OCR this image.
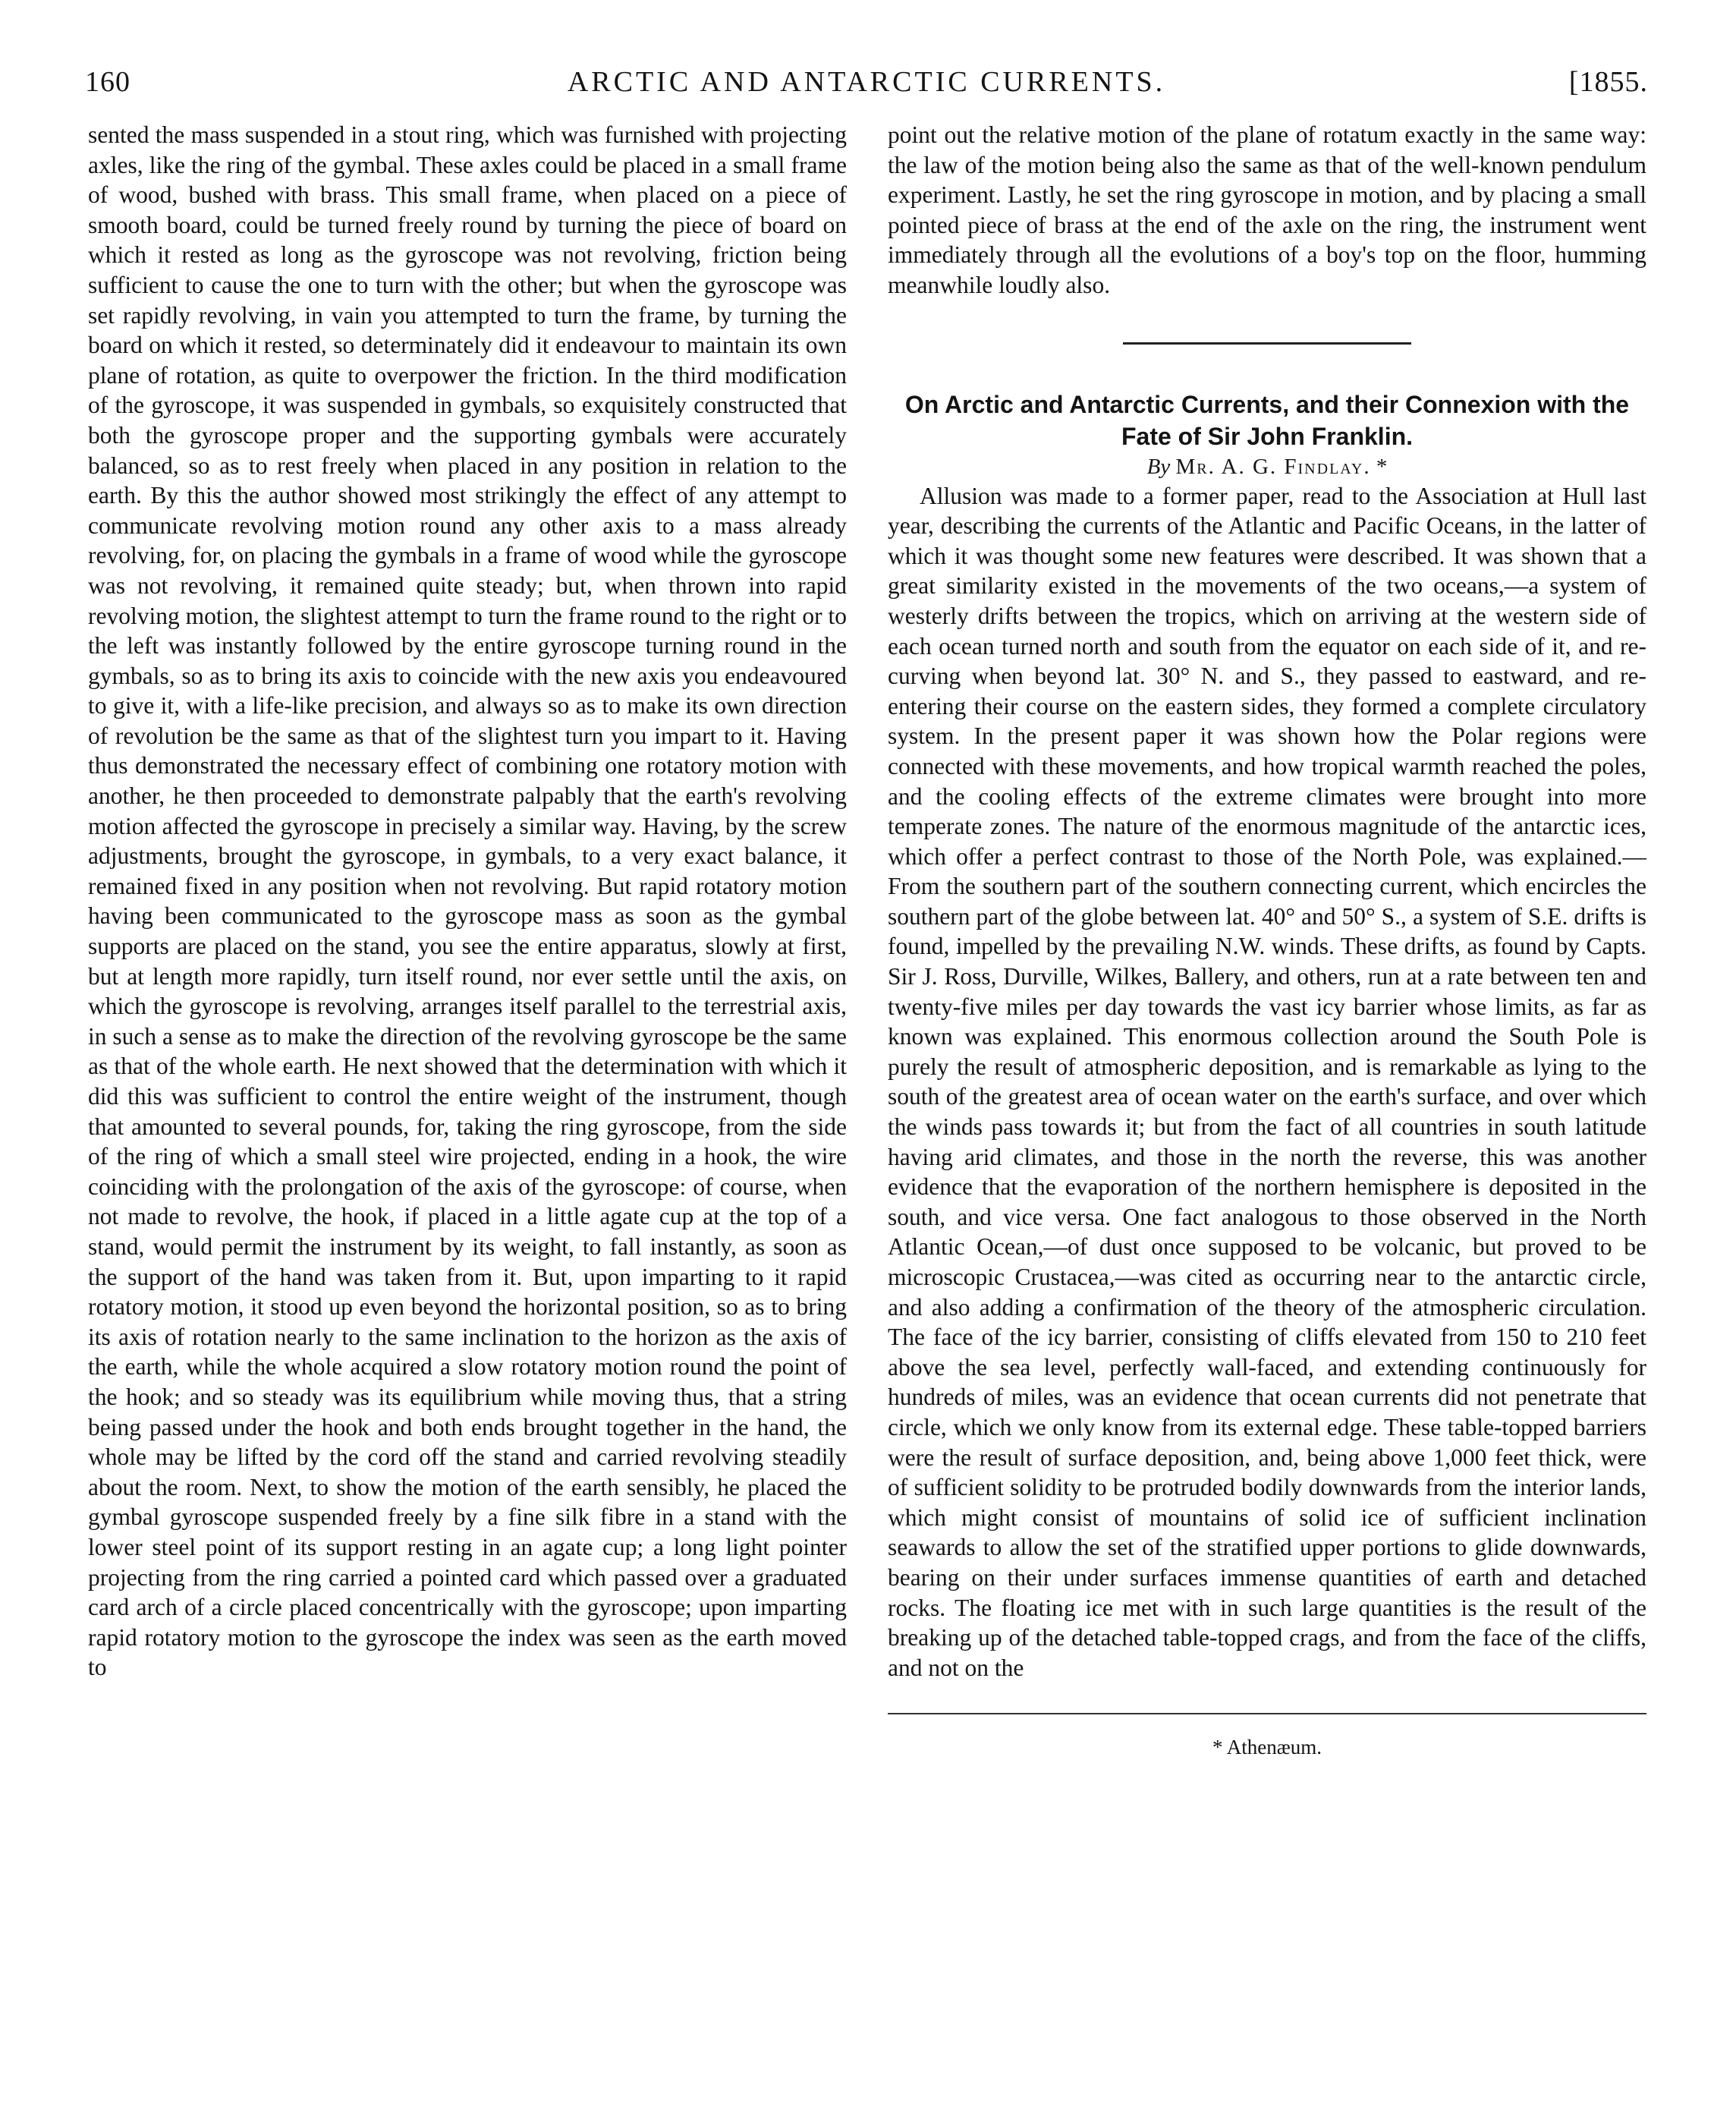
160	ARCTIC AND ANTARCTIC CURRENTS.	[1855.

sented the mass suspended in a stout ring, which was furnished with projecting axles, like the ring of the gymbal. These axles could be placed in a small frame of wood, bushed with brass. This small frame, when placed on a piece of smooth board, could be turned freely round by turning the piece of board on which it rested as long as the gyroscope was not revolving, friction being sufficient to cause the one to turn with the other; but when the gyroscope was set rapidly revolving, in vain you attempted to turn the frame, by turning the board on which it rested, so determinately did it endeavour to maintain its own plane of rotation, as quite to overpower the friction. In the third modification of the gyroscope, it was suspended in gymbals, so exquisitely constructed that both the gyroscope proper and the supporting gymbals were accurately balanced, so as to rest freely when placed in any position in relation to the earth. By this the author showed most strikingly the effect of any attempt to communicate revolving motion round any other axis to a mass already revolving, for, on placing the gymbals in a frame of wood while the gyroscope was not revolving, it remained quite steady; but, when thrown into rapid revolving motion, the slightest attempt to turn the frame round to the right or to the left was instantly followed by the entire gyroscope turning round in the gymbals, so as to bring its axis to coincide with the new axis you endeavoured to give it, with a life-like precision, and always so as to make its own direction of revolution be the same as that of the slightest turn you impart to it. Having thus demonstrated the necessary effect of combining one rotatory motion with another, he then proceeded to demonstrate palpably that the earth's revolving motion affected the gyroscope in precisely a similar way. Having, by the screw adjustments, brought the gyroscope, in gymbals, to a very exact balance, it remained fixed in any position when not revolving. But rapid rotatory motion having been communicated to the gyroscope mass as soon as the gymbal supports are placed on the stand, you see the entire apparatus, slowly at first, but at length more rapidly, turn itself round, nor ever settle until the axis, on which the gyroscope is revolving, arranges itself parallel to the terrestrial axis, in such a sense as to make the direction of the revolving gyroscope be the same as that of the whole earth. He next showed that the determination with which it did this was sufficient to control the entire weight of the instrument, though that amounted to several pounds, for, taking the ring gyroscope, from the side of the ring of which a small steel wire projected, ending in a hook, the wire coinciding with the prolongation of the axis of the gyroscope: of course, when not made to revolve, the hook, if placed in a little agate cup at the top of a stand, would permit the instrument by its weight, to fall instantly, as soon as the support of the hand was taken from it. But, upon imparting to it rapid rotatory motion, it stood up even beyond the horizontal position, so as to bring its axis of rotation nearly to the same inclination to the horizon as the axis of the earth, while the whole acquired a slow rotatory motion round the point of the hook; and so steady was its equilibrium while moving thus, that a string being passed under the hook and both ends brought together in the hand, the whole may be lifted by the cord off the stand and carried revolving steadily about the room. Next, to show the motion of the earth sensibly, he placed the gymbal gyroscope suspended freely by a fine silk fibre in a stand with the lower steel point of its support resting in an agate cup; a long light pointer projecting from the ring carried a pointed card which passed over a graduated card arch of a circle placed concentrically with the gyroscope; upon imparting rapid rotatory motion to the gyroscope the index was seen as the earth moved to

point out the relative motion of the plane of rotatum exactly in the same way: the law of the motion being also the same as that of the well-known pendulum experiment. Lastly, he set the ring gyroscope in motion, and by placing a small pointed piece of brass at the end of the axle on the ring, the instrument went immediately through all the evolutions of a boy's top on the floor, humming meanwhile loudly also.

On Arctic and Antarctic Currents, and their Connexion with the Fate of Sir John Franklin.

By Mr. A. G. Findlay. *

Allusion was made to a former paper, read to the Association at Hull last year, describing the currents of the Atlantic and Pacific Oceans, in the latter of which it was thought some new features were described. It was shown that a great similarity existed in the movements of the two oceans,—a system of westerly drifts between the tropics, which on arriving at the western side of each ocean turned north and south from the equator on each side of it, and re-curving when beyond lat. 30° N. and S., they passed to eastward, and re-entering their course on the eastern sides, they formed a complete circulatory system. In the present paper it was shown how the Polar regions were connected with these movements, and how tropical warmth reached the poles, and the cooling effects of the extreme climates were brought into more temperate zones. The nature of the enormous magnitude of the antarctic ices, which offer a perfect contrast to those of the North Pole, was explained.—From the southern part of the southern connecting current, which encircles the southern part of the globe between lat. 40° and 50° S., a system of S.E. drifts is found, impelled by the prevailing N.W. winds. These drifts, as found by Capts. Sir J. Ross, Durville, Wilkes, Ballery, and others, run at a rate between ten and twenty-five miles per day towards the vast icy barrier whose limits, as far as known was explained. This enormous collection around the South Pole is purely the result of atmospheric deposition, and is remarkable as lying to the south of the greatest area of ocean water on the earth's surface, and over which the winds pass towards it; but from the fact of all countries in south latitude having arid climates, and those in the north the reverse, this was another evidence that the evaporation of the northern hemisphere is deposited in the south, and vice versa. One fact analogous to those observed in the North Atlantic Ocean,—of dust once supposed to be volcanic, but proved to be microscopic Crustacea,—was cited as occurring near to the antarctic circle, and also adding a confirmation of the theory of the atmospheric circulation. The face of the icy barrier, consisting of cliffs elevated from 150 to 210 feet above the sea level, perfectly wall-faced, and extending continuously for hundreds of miles, was an evidence that ocean currents did not penetrate that circle, which we only know from its external edge. These table-topped barriers were the result of surface deposition, and, being above 1,000 feet thick, were of sufficient solidity to be protruded bodily downwards from the interior lands, which might consist of mountains of solid ice of sufficient inclination seawards to allow the set of the stratified upper portions to glide downwards, bearing on their under surfaces immense quantities of earth and detached rocks. The floating ice met with in such large quantities is the result of the breaking up of the detached table-topped crags, and from the face of the cliffs, and not on the

* Athenæum.
